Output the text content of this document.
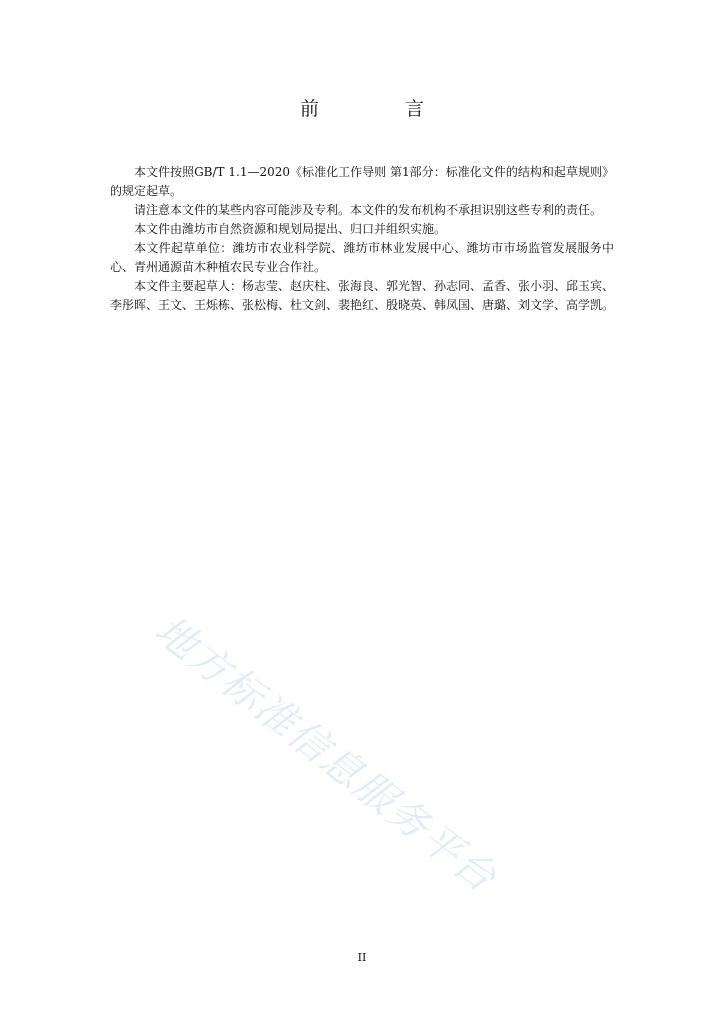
前 言

本文件按照GB/T 1.1—2020《标准化工作导则 第1部分：标准化文件的结构和起草规则》的规定起草。

请注意本文件的某些内容可能涉及专利。本文件的发布机构不承担识别这些专利的责任。

本文件由潍坊市自然资源和规划局提出、归口并组织实施。

本文件起草单位：潍坊市农业科学院、潍坊市林业发展中心、潍坊市市场监管发展服务中心、青州通源苗木种植农民专业合作社。

本文件主要起草人：杨志莹、赵庆柱、张海良、郭光智、孙志同、孟香、张小羽、邱玉宾、李彤晖、王文、王烁栋、张松梅、杜文剑、裴艳红、殷晓英、韩凤国、唐璐、刘文学、高学凯。

地方标准信息服务平台
II
